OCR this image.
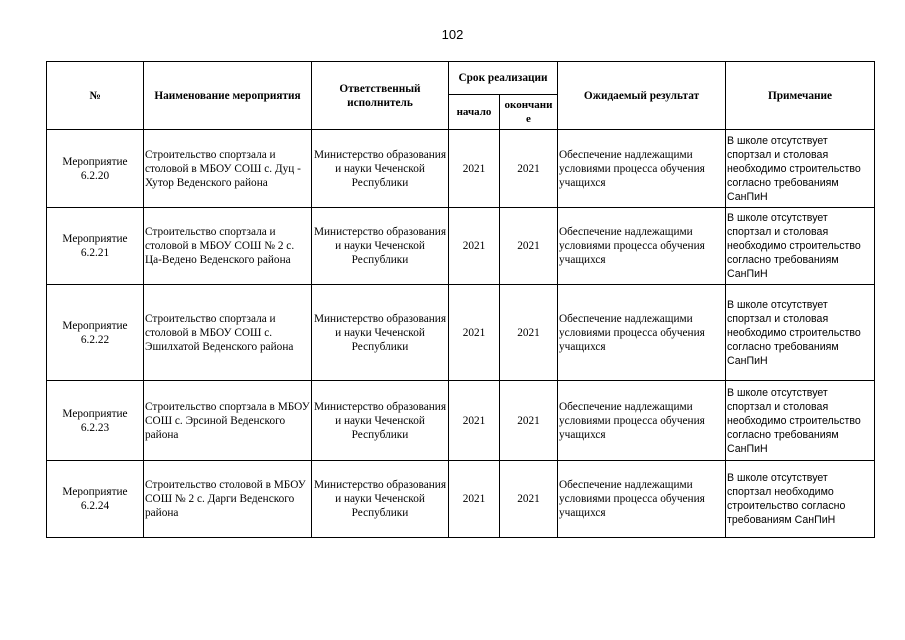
102
№	Наименование мероприятия	Ответственный исполнитель	Срок реализации		Ожидаемый результат	Примечание
			начало	окончани е		
Мероприятие 6.2.20	Строительство спортзала и столовой в МБОУ СОШ с. Дуц - Хутор Веденского района	Министерство образования и науки Чеченской Республики	2021	2021	Обеспечение надлежащими условиями процесса обучения учащихся	В школе отсутствует спортзал и столовая необходимо строительство согласно требованиям СанПиН
Мероприятие 6.2.21	Строительство спортзала и столовой в МБОУ СОШ № 2 с. Ца-Ведено Веденского района	Министерство образования и науки Чеченской Республики	2021	2021	Обеспечение надлежащими условиями процесса обучения учащихся	В школе отсутствует спортзал и столовая необходимо строительство согласно требованиям СанПиН
Мероприятие 6.2.22	Строительство спортзала и столовой в МБОУ СОШ с. Эшилхатой Веденского района	Министерство образования и науки Чеченской Республики	2021	2021	Обеспечение надлежащими условиями процесса обучения учащихся	В школе отсутствует спортзал и столовая необходимо строительство согласно требованиям СанПиН
Мероприятие 6.2.23	Строительство спортзала в МБОУ СОШ с. Эрсиной Веденского района	Министерство образования и науки Чеченской Республики	2021	2021	Обеспечение надлежащими условиями процесса обучения учащихся	В школе отсутствует спортзал и столовая необходимо строительство согласно требованиям СанПиН
Мероприятие 6.2.24	Строительство столовой в МБОУ СОШ № 2 с. Дарги Веденского района	Министерство образования и науки Чеченской Республики	2021	2021	Обеспечение надлежащими условиями процесса обучения учащихся	В школе отсутствует спортзал необходимо строительство согласно требованиям СанПиН
